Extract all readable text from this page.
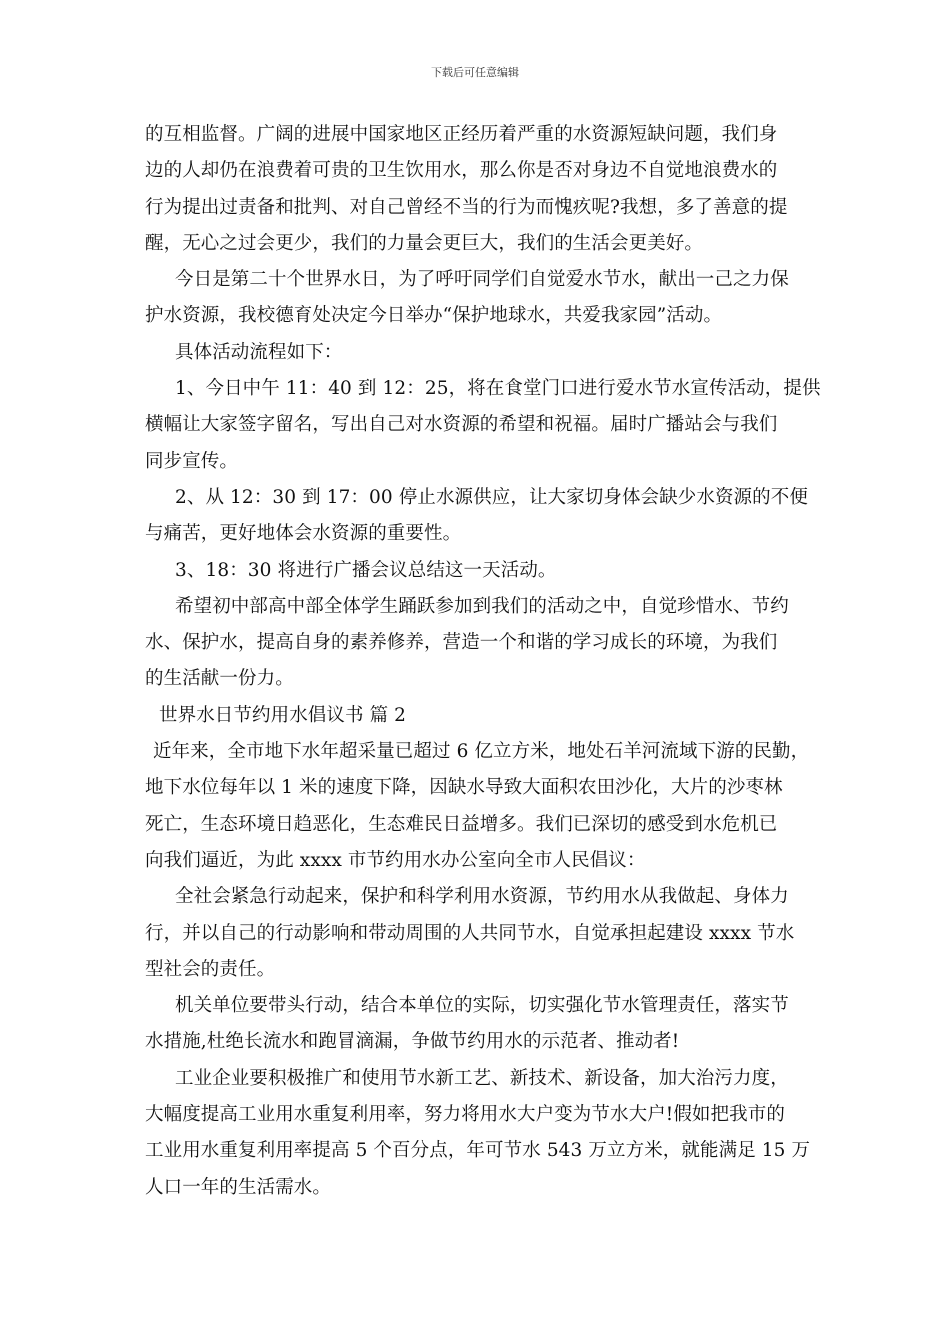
下载后可任意编辑
的互相监督。广阔的进展中国家地区正经历着严重的水资源短缺问题，我们身
边的人却仍在浪费着可贵的卫生饮用水，那么你是否对身边不自觉地浪费水的
行为提出过责备和批判、对自己曾经不当的行为而愧疚呢?我想，多了善意的提
醒，无心之过会更少，我们的力量会更巨大，我们的生活会更美好。
今日是第二十个世界水日，为了呼吁同学们自觉爱水节水，献出一己之力保
护水资源，我校德育处决定今日举办“保护地球水，共爱我家园”活动。
具体活动流程如下：
1、今日中午 11：40 到 12：25，将在食堂门口进行爱水节水宣传活动，提供
横幅让大家签字留名，写出自己对水资源的希望和祝福。届时广播站会与我们
同步宣传。
2、从 12：30 到 17：00 停止水源供应，让大家切身体会缺少水资源的不便
与痛苦，更好地体会水资源的重要性。
3、18：30 将进行广播会议总结这一天活动。
希望初中部高中部全体学生踊跃参加到我们的活动之中，自觉珍惜水、节约
水、保护水，提高自身的素养修养，营造一个和谐的学习成长的环境，为我们
的生活献一份力。
世界水日节约用水倡议书 篇 2
近年来，全市地下水年超采量已超过 6 亿立方米，地处石羊河流域下游的民勤，
地下水位每年以 1 米的速度下降，因缺水导致大面积农田沙化，大片的沙枣林
死亡，生态环境日趋恶化，生态难民日益增多。我们已深切的感受到水危机已
向我们逼近，为此 xxxx 市节约用水办公室向全市人民倡议：
全社会紧急行动起来，保护和科学利用水资源，节约用水从我做起、身体力
行，并以自己的行动影响和带动周围的人共同节水，自觉承担起建设 xxxx 节水
型社会的责任。
机关单位要带头行动，结合本单位的实际，切实强化节水管理责任，落实节
水措施,杜绝长流水和跑冒滴漏，争做节约用水的示范者、推动者!
工业企业要积极推广和使用节水新工艺、新技术、新设备，加大治污力度，
大幅度提高工业用水重复利用率，努力将用水大户变为节水大户!假如把我市的
工业用水重复利用率提高 5 个百分点，年可节水 543 万立方米，就能满足 15 万
人口一年的生活需水。
